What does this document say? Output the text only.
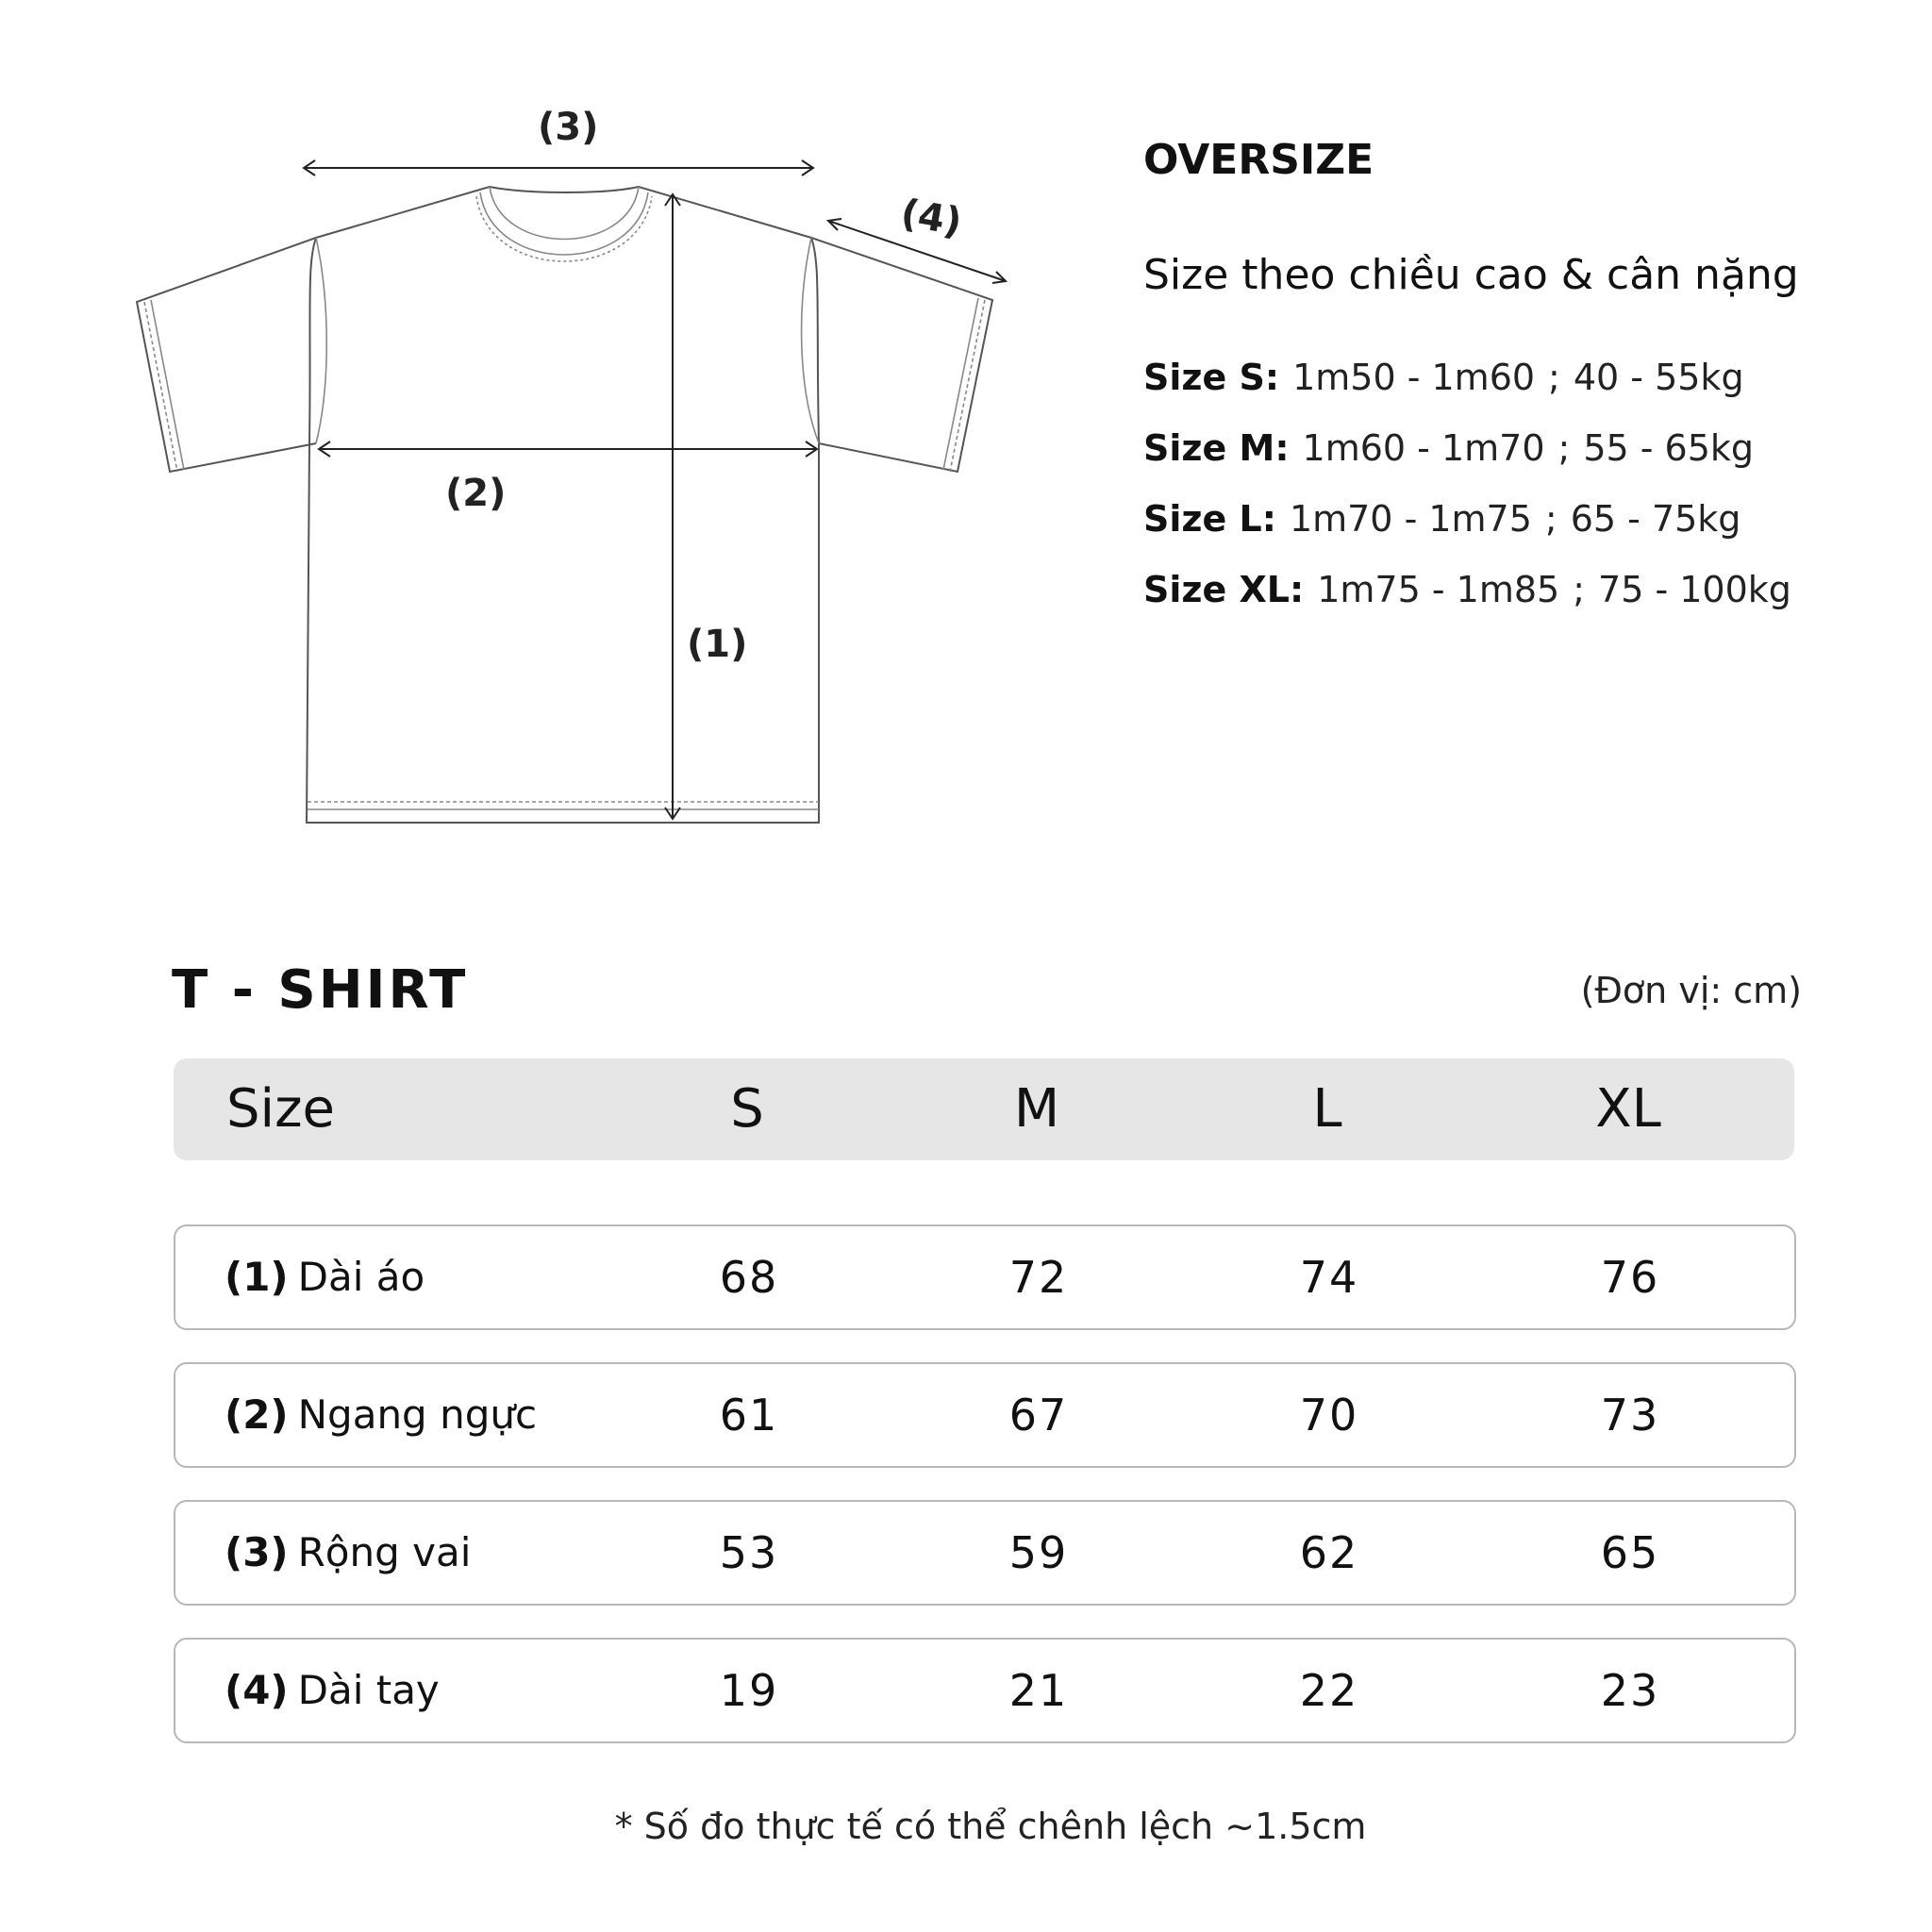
(3)
(4)
(2)
(1)
OVERSIZE
Size theo chiều cao & cân nặng
Size S: 1m50 - 1m60 ; 40 - 55kg
Size M: 1m60 - 1m70 ; 55 - 65kg
Size L: 1m70 - 1m75 ; 65 - 75kg
Size XL: 1m75 - 1m85 ; 75 - 100kg
T - SHIRT	(Đơn vị: cm)
Size	S	M	L	XL
(1) Dài áo	68	72	74	76
(2) Ngang ngực	61	67	70	73
(3) Rộng vai	53	59	62	65
(4) Dài tay	19	21	22	23
* Số đo thực tế có thể chênh lệch ~1.5cm
